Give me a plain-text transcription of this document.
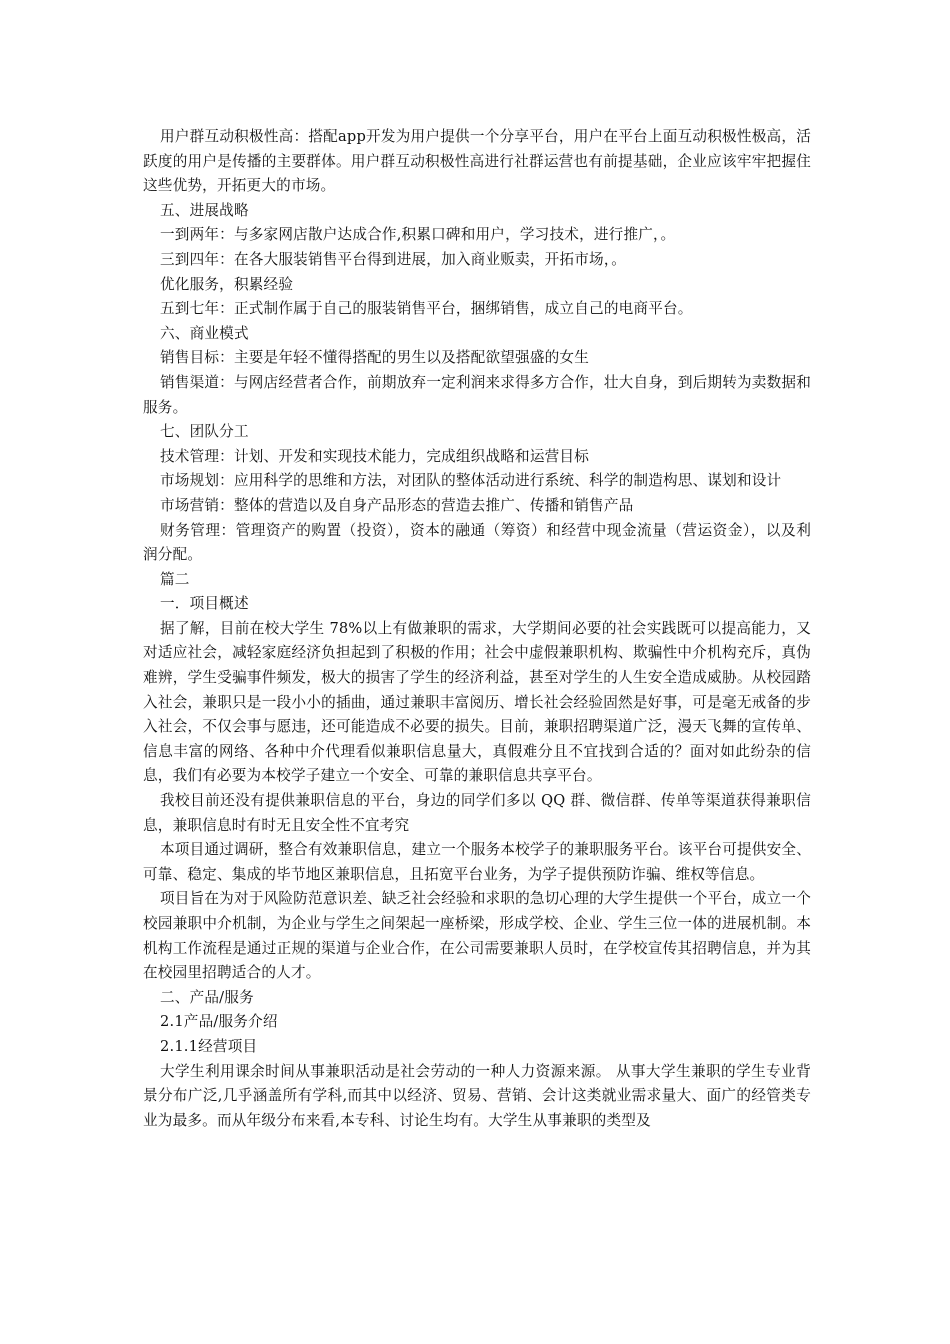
用户群互动积极性高：搭配app开发为用户提供一个分享平台，用户在平台上面互动积极性极高，活跃度的用户是传播的主要群体。用户群互动积极性高进行社群运营也有前提基础，企业应该牢牢把握住这些优势，开拓更大的市场。

五、进展战略

一到两年：与多家网店散户达成合作,积累口碑和用户，学习技术，进行推广，。

三到四年：在各大服装销售平台得到进展，加入商业贩卖，开拓市场，。

优化服务，积累经验

五到七年：正式制作属于自己的服装销售平台，捆绑销售，成立自己的电商平台。

六、商业模式

销售目标：主要是年轻不懂得搭配的男生以及搭配欲望强盛的女生

销售渠道：与网店经营者合作，前期放弃一定利润来求得多方合作，壮大自身，到后期转为卖数据和服务。

七、团队分工

技术管理：计划、开发和实现技术能力，完成组织战略和运营目标

市场规划：应用科学的思维和方法，对团队的整体活动进行系统、科学的制造构思、谋划和设计

市场营销：整体的营造以及自身产品形态的营造去推广、传播和销售产品

财务管理：管理资产的购置（投资），资本的融通（筹资）和经营中现金流量（营运资金），以及利润分配。

篇二

一．项目概述

据了解，目前在校大学生 78%以上有做兼职的需求，大学期间必要的社会实践既可以提高能力，又对适应社会，减轻家庭经济负担起到了积极的作用；社会中虚假兼职机构、欺骗性中介机构充斥，真伪难辨，学生受骗事件频发，极大的损害了学生的经济利益，甚至对学生的人生安全造成威胁。从校园踏入社会，兼职只是一段小小的插曲，通过兼职丰富阅历、增长社会经验固然是好事，可是毫无戒备的步入社会，不仅会事与愿违，还可能造成不必要的损失。目前，兼职招聘渠道广泛，漫天飞舞的宣传单、信息丰富的网络、各种中介代理看似兼职信息量大，真假难分且不宜找到合适的？面对如此纷杂的信息，我们有必要为本校学子建立一个安全、可靠的兼职信息共享平台。

我校目前还没有提供兼职信息的平台，身边的同学们多以 QQ 群、微信群、传单等渠道获得兼职信息，兼职信息时有时无且安全性不宜考究

本项目通过调研，整合有效兼职信息，建立一个服务本校学子的兼职服务平台。该平台可提供安全、可靠、稳定、集成的毕节地区兼职信息，且拓宽平台业务，为学子提供预防诈骗、维权等信息。

项目旨在为对于风险防范意识差、缺乏社会经验和求职的急切心理的大学生提供一个平台，成立一个校园兼职中介机制，为企业与学生之间架起一座桥梁，形成学校、企业、学生三位一体的进展机制。本机构工作流程是通过正规的渠道与企业合作，在公司需要兼职人员时，在学校宣传其招聘信息，并为其在校园里招聘适合的人才。

二、产品/服务

2.1产品/服务介绍

2.1.1经营项目

大学生利用课余时间从事兼职活动是社会劳动的一种人力资源来源。 从事大学生兼职的学生专业背景分布广泛,几乎涵盖所有学科,而其中以经济、贸易、营销、会计这类就业需求量大、面广的经管类专业为最多。而从年级分布来看,本专科、讨论生均有。大学生从事兼职的类型及
